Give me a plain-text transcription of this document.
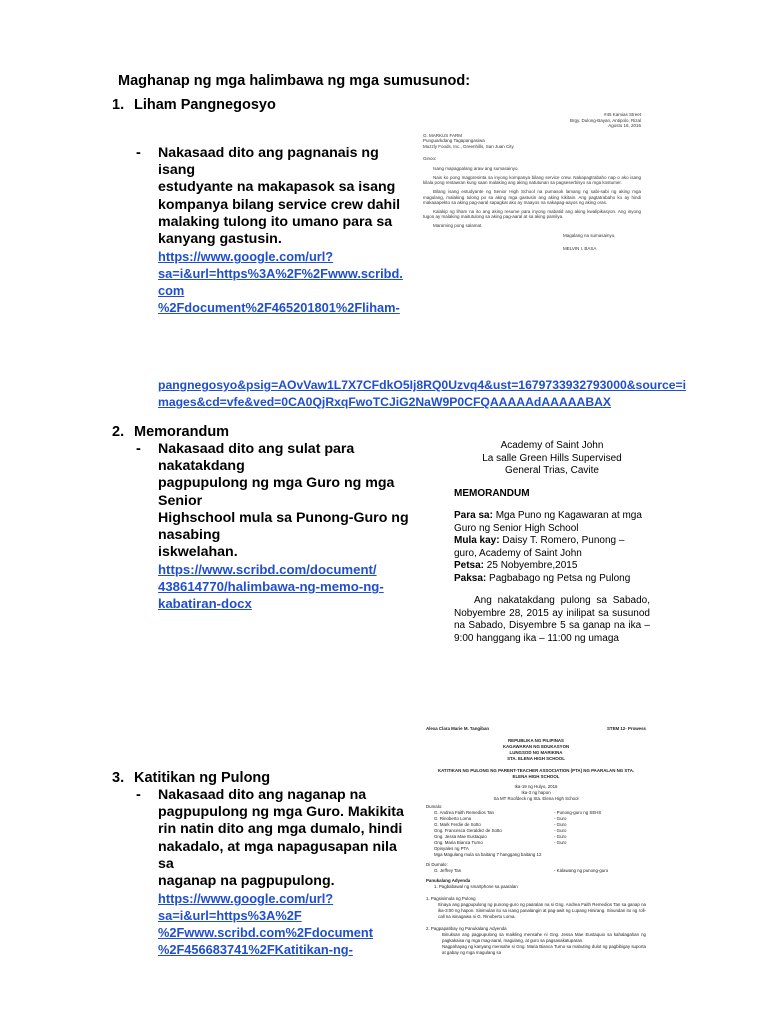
Maghanap ng mga halimbawa ng mga sumusunod:
1. Liham Pangnegosyo
- Nakasaad dito ang pagnanais ng isang
estudyante na makapasok sa isang
kompanya bilang service crew dahil
malaking tulong ito umano para sa
kanyang gastusin.
https://www.google.com/url?
sa=i&url=https%3A%2F%2Fwww.scribd.com
%2Fdocument%2F465201801%2Fliham-
#45 Kamias Street
Brgy. Dulong-Bayan, Antipolo, Rizal
Agosto 16, 2016
G. MARKUS FARM
Punguarkdang Tagapangasiwa
Muzzly Foods, Inc., Greenhills, San Juan City
Ginoo:

Isang mapagpalang araw ang sumasainyo.

Nais ko pong magpresinta sa inyong kompanya bilang service crew. Nakapagtrabaho nap o ako isang kilala pong restawran kung saan malaking ang aking natutunan sa pagseserbisyo sa mga kostumer.

Bilang isang estudyante ng Senior High School na pumasok lamang ng sabi-sabi ng aking mga magulang, malaking tulong po sa aking mga gastusin ang aking kikitain. Ang pagtatrabaho ko ay hindi makaaapekto sa aking pag-aaral sapagkat ako ay maayos na nakapag-aayos ng aking oras.

Kalakip ng liham na ito ang aking resume para inyong mabatid ang aking kwalipikasyon. Ang inyong tugon ay malaking maitutulong sa aking pag-aaral at sa aking pamilya.

Maraming pong salamat.

Magalang na sumasainyo,
MELVIN I. BASA
pangnegosyo&psig=AOvVaw1L7X7CFdkO5Ij8RQ0Uzvq4&ust=1679733932793000&source=i
mages&cd=vfe&ved=0CA0QjRxqFwoTCJiG2NaW9P0CFQAAAAAdAAAAABAX
2. Memorandum
- Nakasaad dito ang sulat para nakatakdang
pagpupulong ng mga Guro ng mga Senior
Highschool mula sa Punong-Guro ng nasabing
iskwelahan.
https://www.scribd.com/document/
438614770/halimbawa-ng-memo-ng-
kabatiran-docx
Academy of Saint John
La salle Green Hills Supervised
General Trias, Cavite
MEMORANDUM

Para sa: Mga Puno ng Kagawaran at mga Guro ng Senior High School

Mula kay: Daisy T. Romero, Punong – guro, Academy of Saint John

Petsa: 25 Nobyembre,2015

Paksa: Pagbabago ng Petsa ng Pulong

Ang nakatakdang pulong sa Sabado, Nobyembre 28, 2015 ay inilipat sa susunod na Sabado, Disyembre 5 sa ganap na ika – 9:00 hanggang ika – 11:00 ng umaga

3. Katitikan ng Pulong
- Nakasaad dito ang naganap na
pagpupulong ng mga Guro. Makikita
rin natin dito ang mga dumalo, hindi
nakadalo, at mga napagusapan nila sa
naganap na pagpupulong.
https://www.google.com/url?
sa=i&url=https%3A%2F
%2Fwww.scribd.com%2Fdocument
%2F456683741%2FKatitikan-ng-
Alexa Clara Marie M. Tangiban	STEM 12- Prowess
REPUBLIKA NG PILIPINAS
KAGAWARAN NG EDUKASYON
LUNGSOD NG MARIKINA
STA. ELENA HIGH SCHOOL
KATITIKAN NG PULONG NG PARENT-TEACHER ASSOCIATION (PTA) NG PAARALAN NG STA. ELENA HIGH SCHOOL
Ika-19 ng Hulyo, 2016
Ika-3 ng hapon
Sa MT Roofdeck ng Sta. Elena High School
Dumalo:
G. Andrea Faith Remedios Tan	- Punong-guro ng SEHS
G. Rinoberto Loma	- Guro
G. Mark Ferdie de Sotto	- Guro
Gng. Francesca Geraldez de Sotto	- Guro
Gng. Jessa Mae Eustaquio	- Guro
Gng. Maria Bianca Turno	- Guro
Opisyales ng PTA
Mga Magulang mula sa baitang 7 hanggang baitang 12
Di Dumalo:
G. Jeffrey Tan	- Kalawang ng punong-guro
Panukalang Adyenda
1. Pagbabawal ng smartphone sa paaralan
1. Pagsisimula ng Pulong
Itinaya ang pagpupulong ng punong-guro ng paaralan na si Gng. Andrea Faith Remedios Tan sa ganap na ika-3:00 ng hapon. Sinimulan ito sa isang panalangin at pag-awit ng Lupang Hinirang. Sinundan ito ng roll-call na isinagawa ni G. Rinoberto Loma.
2. Pagpapatibay ng Panukalang Adyenda
Binuksan ang pagpupulong sa maikling mensahe ni Gng. Jessa Mae Eustaquio sa kahalagahan ng pagkakaisa ng mga mag-aaral, magulang, at guro sa pagsasakatuparan.
Nagpahayag ng kanyang mensahe si Gng. Maria Bianca Turno sa mabuting dulot ng pagbibigay suporta at gabay ng mga magulang sa
